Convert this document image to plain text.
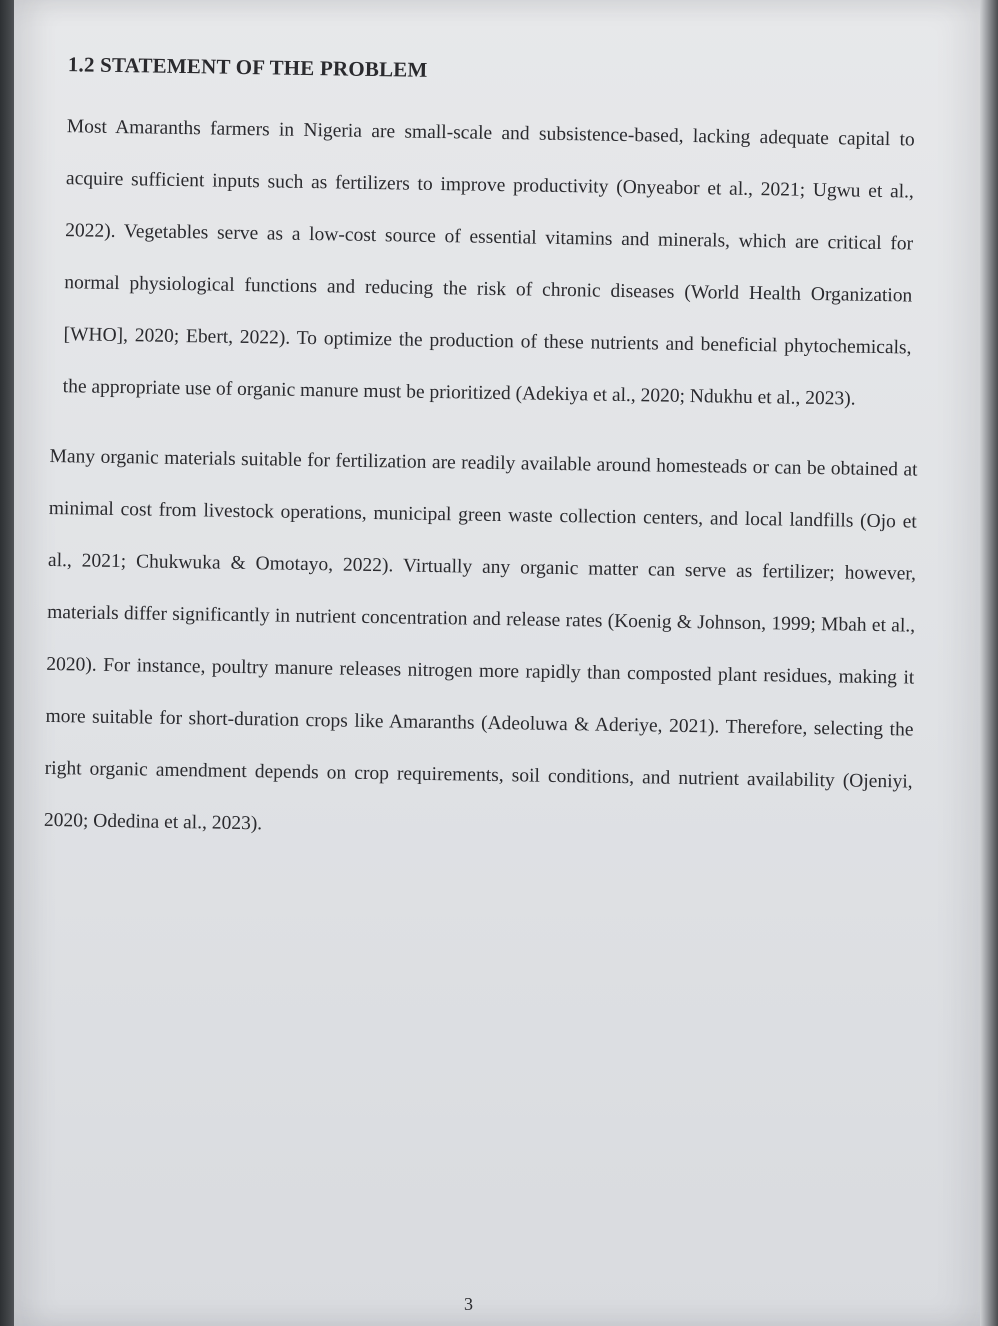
1.2 STATEMENT OF THE PROBLEM

Most Amaranths farmers in Nigeria are small-scale and subsistence-based, lacking adequate capital to acquire sufficient inputs such as fertilizers to improve productivity (Onyeabor et al., 2021; Ugwu et al., 2022). Vegetables serve as a low-cost source of essential vitamins and minerals, which are critical for normal physiological functions and reducing the risk of chronic diseases (World Health Organization [WHO], 2020; Ebert, 2022). To optimize the production of these nutrients and beneficial phytochemicals, the appropriate use of organic manure must be prioritized (Adekiya et al., 2020; Ndukhu et al., 2023).

Many organic materials suitable for fertilization are readily available around homesteads or can be obtained at minimal cost from livestock operations, municipal green waste collection centers, and local landfills (Ojo et al., 2021; Chukwuka & Omotayo, 2022). Virtually any organic matter can serve as fertilizer; however, materials differ significantly in nutrient concentration and release rates (Koenig & Johnson, 1999; Mbah et al., 2020). For instance, poultry manure releases nitrogen more rapidly than composted plant residues, making it more suitable for short-duration crops like Amaranths (Adeoluwa & Aderiye, 2021). Therefore, selecting the right organic amendment depends on crop requirements, soil conditions, and nutrient availability (Ojeniyi, 2020; Odedina et al., 2023).

3
